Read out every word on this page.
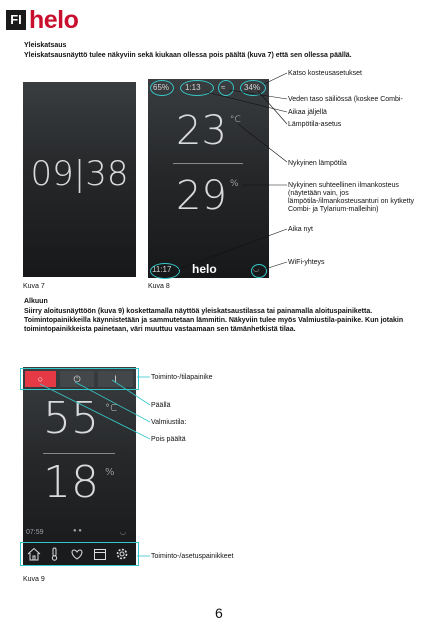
FI helo
Yleiskatsaus
Yleiskatsausnäyttö tulee näkyviin sekä kiukaan ollessa pois päältä (kuva 7) että sen ollessa päällä.
09|38
Kuva 7
65% 1:13	≈ 34%
23 °C
29 %
11:17 helo	◡
Kuva 8
Katso kosteusasetukset
Veden taso säiliössä (koskee Combi-
Aikaa jäljellä
Lämpötila-asetus
Nykyinen lämpötila
Nykyinen suhteellinen ilmankosteus (näytetään vain, jos lämpötila-/ilmankosteusanturi on kytketty Combi- ja Tylarium-malleihin)
Aika nyt
WiFi-yhteys
Alkuun
Siirry aloitusnäyttöön (kuva 9) koskettamalla näyttöä yleiskatsaustilassa tai painamalla aloituspainiketta. Toimintopainikkeilla käynnistetään ja sammutetaan lämmitin. Näkyviin tulee myös Valmiustila-painike. Kun jotakin toimintopainikkeista painetaan, väri muuttuu vastaamaan sen tämänhetkistä tilaa.
○	⏻	I
55 °C
18 %
07:59	● ●	◡
Kuva 9
Toiminto-/tilapainike
Päällä
Valmiustila:
Pois päältä
Toiminto-/asetuspainikkeet
6
